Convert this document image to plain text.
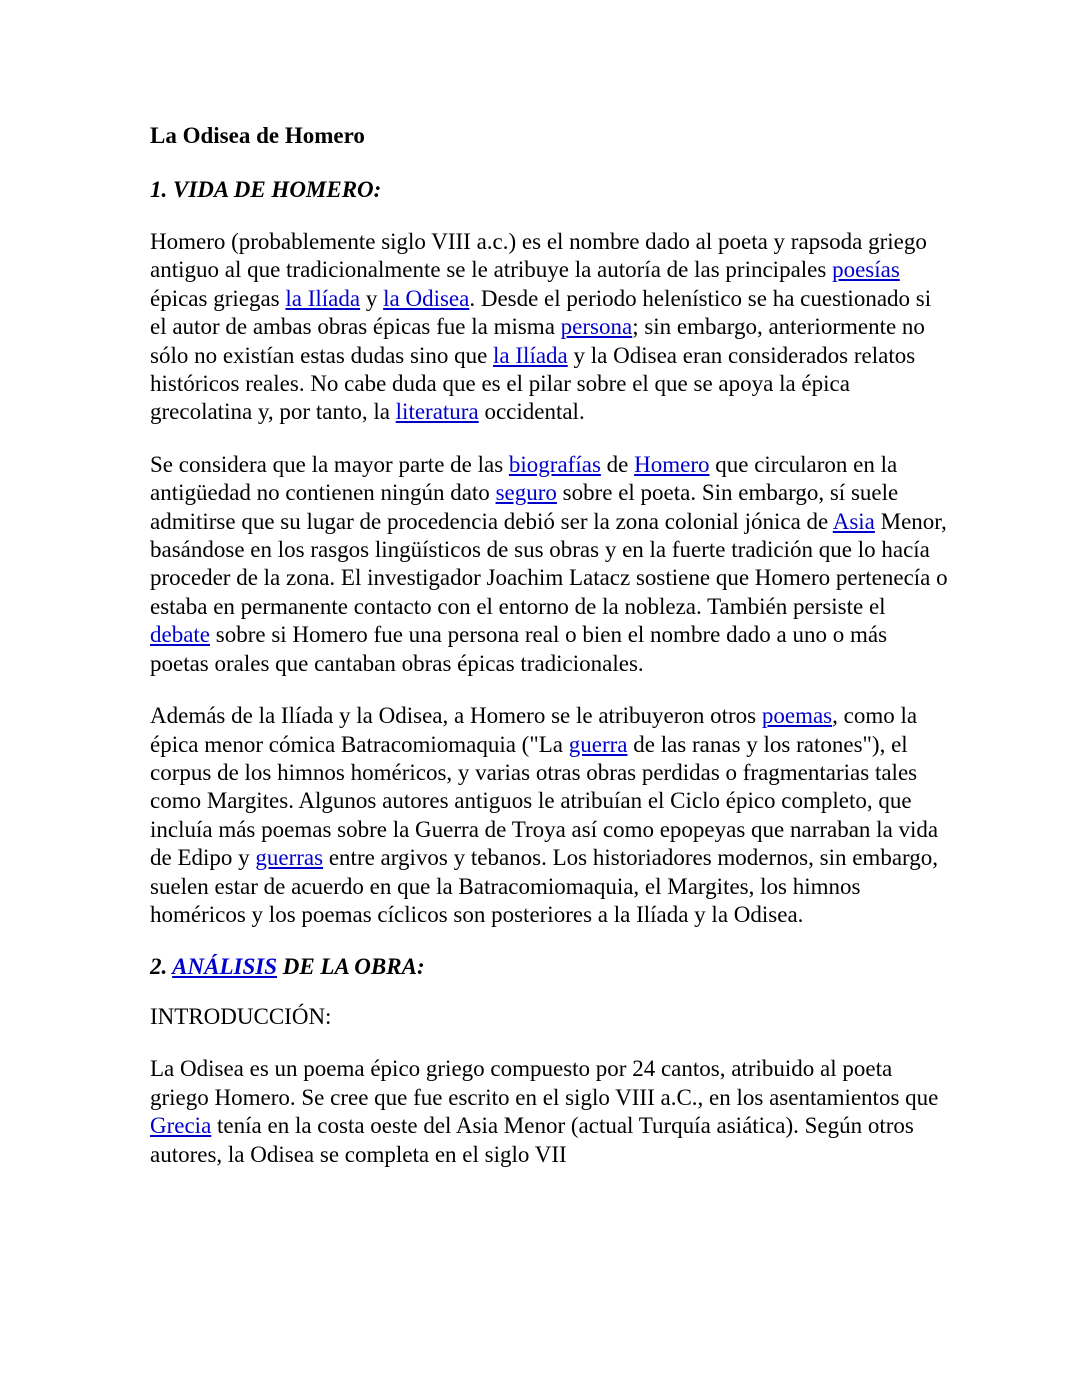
La Odisea de Homero
1. VIDA DE HOMERO:

Homero (probablemente siglo VIII a.c.) es el nombre dado al poeta y rapsoda griego antiguo al que tradicionalmente se le atribuye la autoría de las principales poesías épicas griegas la Ilíada y la Odisea. Desde el periodo helenístico se ha cuestionado si el autor de ambas obras épicas fue la misma persona; sin embargo, anteriormente no sólo no existían estas dudas sino que la Ilíada y la Odisea eran considerados relatos históricos reales. No cabe duda que es el pilar sobre el que se apoya la épica grecolatina y, por tanto, la literatura occidental.

Se considera que la mayor parte de las biografías de Homero que circularon en la antigüedad no contienen ningún dato seguro sobre el poeta. Sin embargo, sí suele admitirse que su lugar de procedencia debió ser la zona colonial jónica de Asia Menor, basándose en los rasgos lingüísticos de sus obras y en la fuerte tradición que lo hacía proceder de la zona. El investigador Joachim Latacz sostiene que Homero pertenecía o estaba en permanente contacto con el entorno de la nobleza. También persiste el debate sobre si Homero fue una persona real o bien el nombre dado a uno o más poetas orales que cantaban obras épicas tradicionales.

Además de la Ilíada y la Odisea, a Homero se le atribuyeron otros poemas, como la épica menor cómica Batracomiomaquia ("La guerra de las ranas y los ratones"), el corpus de los himnos homéricos, y varias otras obras perdidas o fragmentarias tales como Margites. Algunos autores antiguos le atribuían el Ciclo épico completo, que incluía más poemas sobre la Guerra de Troya así como epopeyas que narraban la vida de Edipo y guerras entre argivos y tebanos. Los historiadores modernos, sin embargo, suelen estar de acuerdo en que la Batracomiomaquia, el Margites, los himnos homéricos y los poemas cíclicos son posteriores a la Ilíada y la Odisea.

2. ANÁLISIS DE LA OBRA:
INTRODUCCIÓN:

La Odisea es un poema épico griego compuesto por 24 cantos, atribuido al poeta griego Homero. Se cree que fue escrito en el siglo VIII a.C., en los asentamientos que Grecia tenía en la costa oeste del Asia Menor (actual Turquía asiática). Según otros autores, la Odisea se completa en el siglo VII
